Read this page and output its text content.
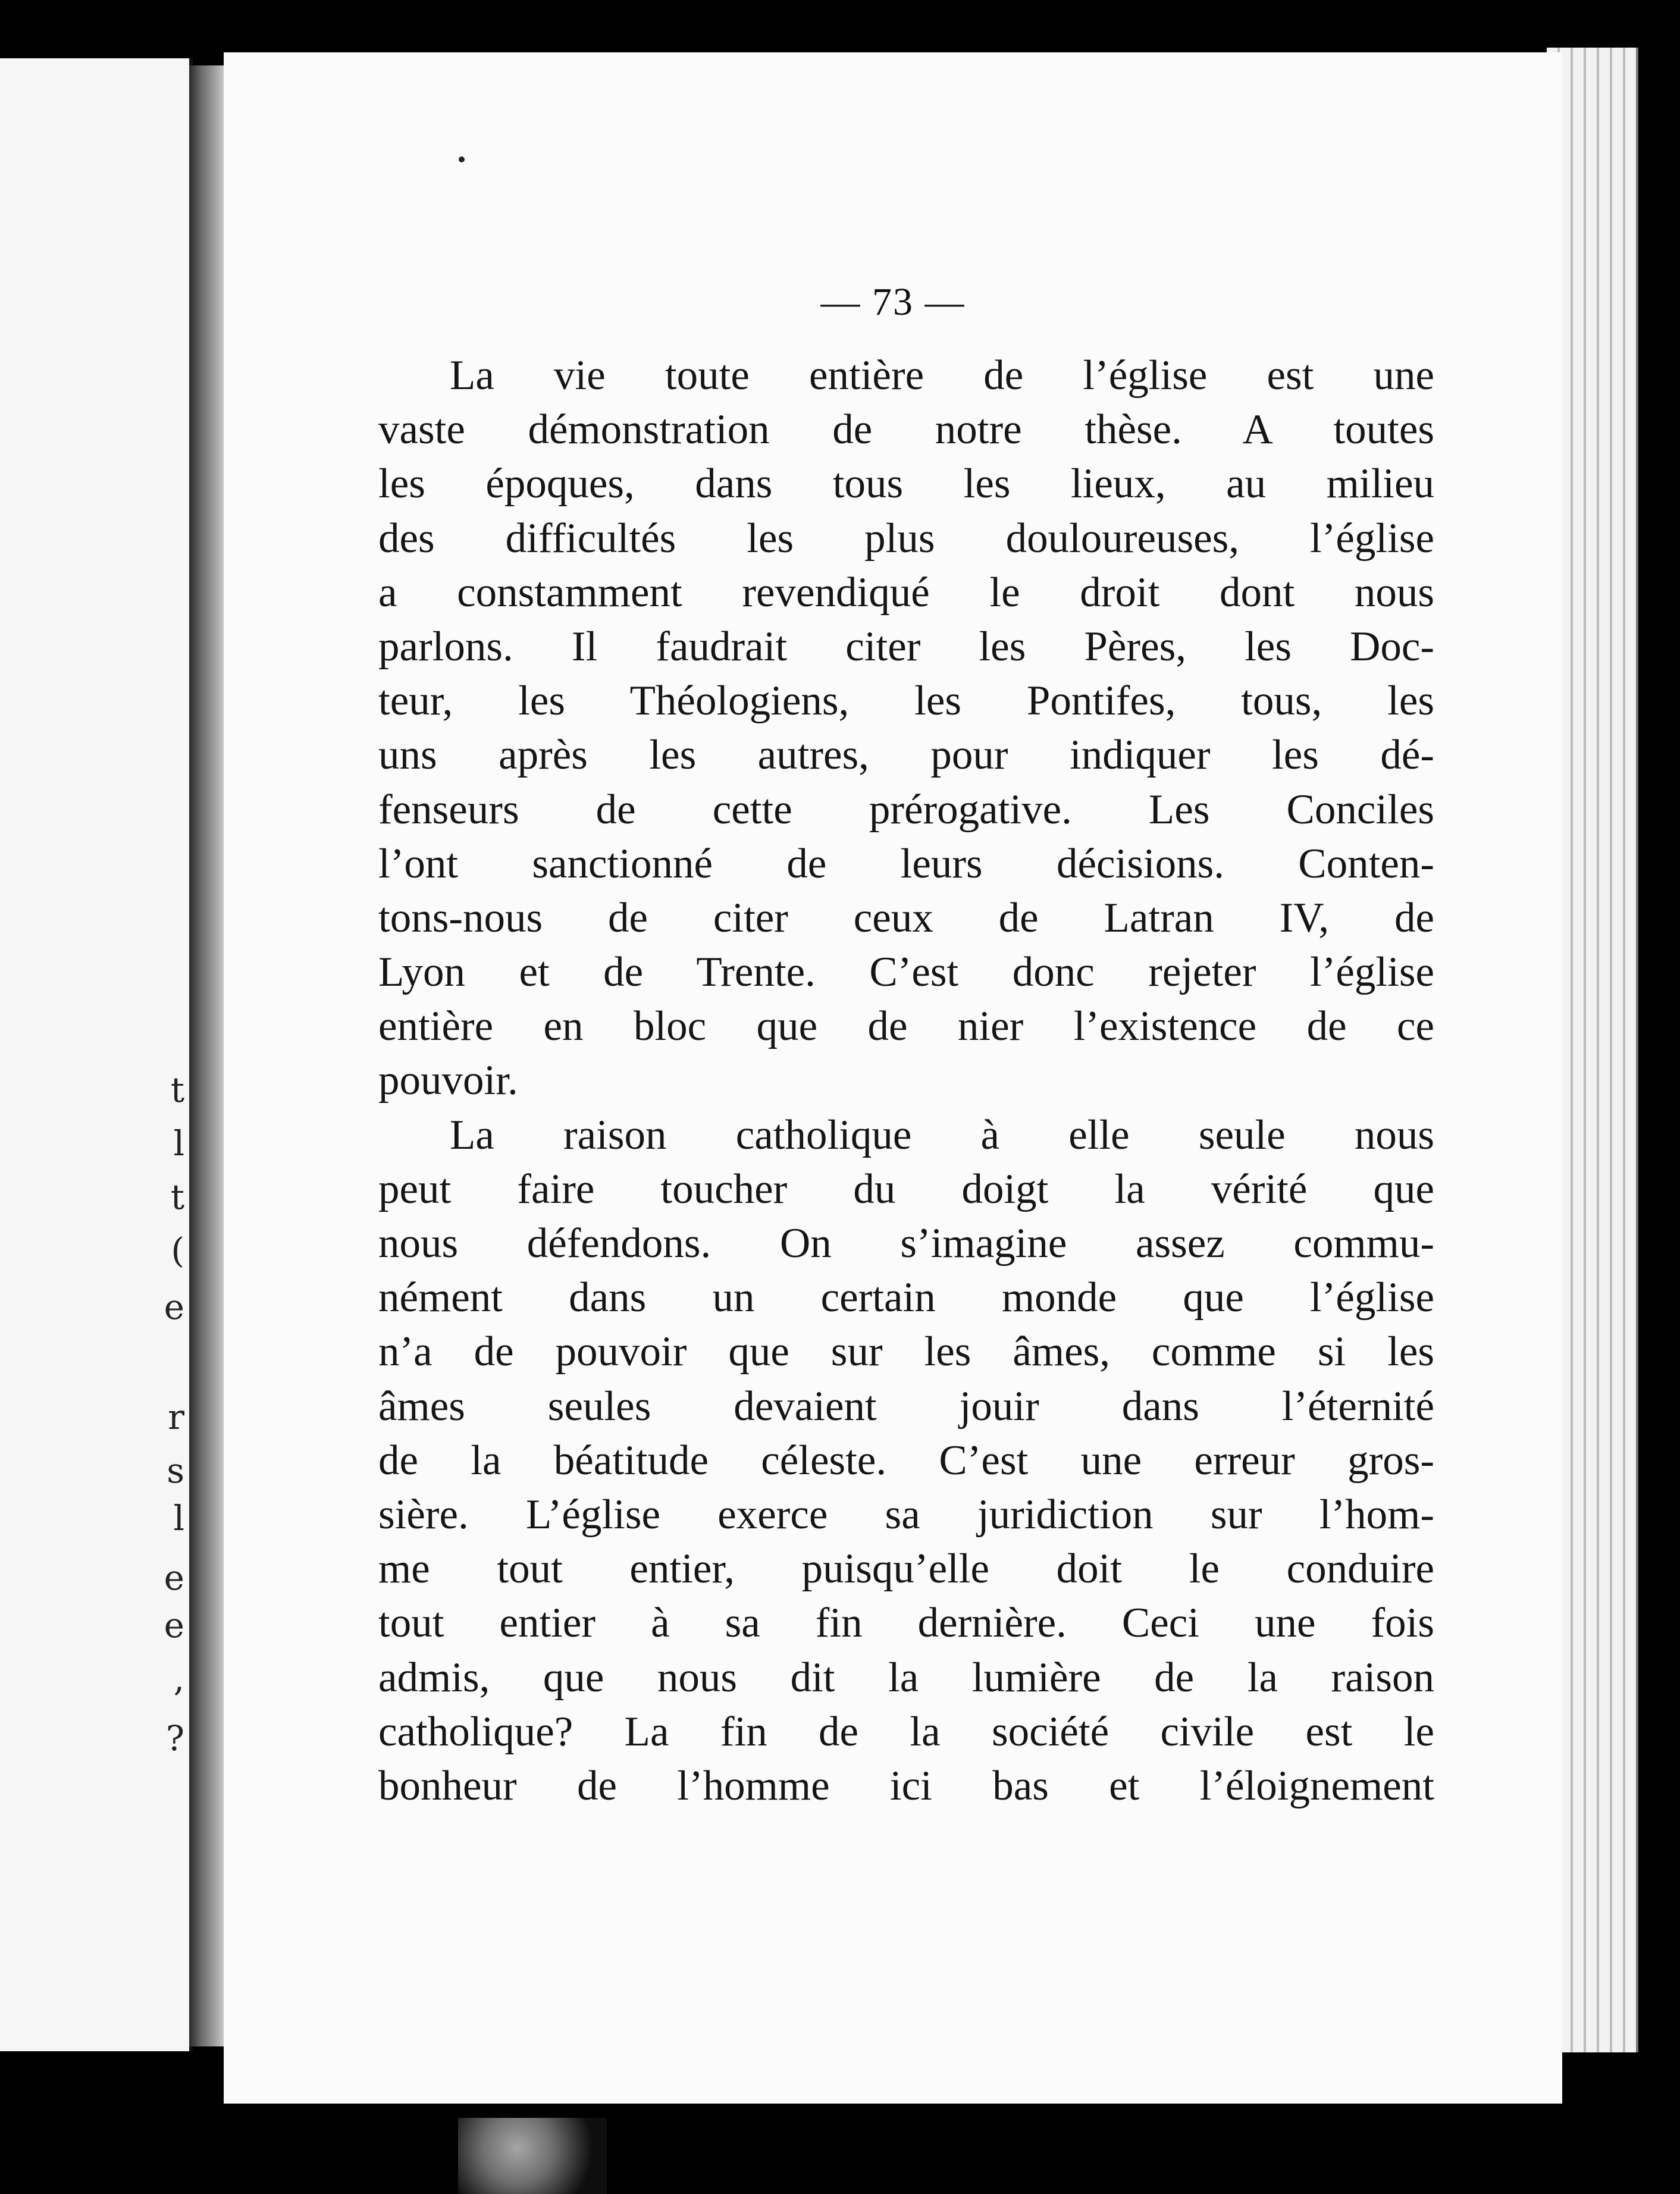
t
l
t
(
e
r
s
l
e
e
,
?
— 73 —
La vie toute entière de l’église est une
vaste démonstration de notre thèse. A toutes
les époques, dans tous les lieux, au milieu
des difficultés les plus douloureuses, l’église
a constamment revendiqué le droit dont nous
parlons. Il faudrait citer les Pères, les Doc-
teur, les Théologiens, les Pontifes, tous, les
uns après les autres, pour indiquer les dé-
fenseurs de cette prérogative. Les Conciles
l’ont sanctionné de leurs décisions. Conten-
tons-nous de citer ceux de Latran IV, de
Lyon et de Trente. C’est donc rejeter l’église
entière en bloc que de nier l’existence de ce
pouvoir.
La raison catholique à elle seule nous
peut faire toucher du doigt la vérité que
nous défendons. On s’imagine assez commu-
nément dans un certain monde que l’église
n’a de pouvoir que sur les âmes, comme si les
âmes seules devaient jouir dans l’éternité
de la béatitude céleste. C’est une erreur gros-
sière. L’église exerce sa juridiction sur l’hom-
me tout entier, puisqu’elle doit le conduire
tout entier à sa fin dernière. Ceci une fois
admis, que nous dit la lumière de la raison
catholique? La fin de la société civile est le
bonheur de l’homme ici bas et l’éloignement
